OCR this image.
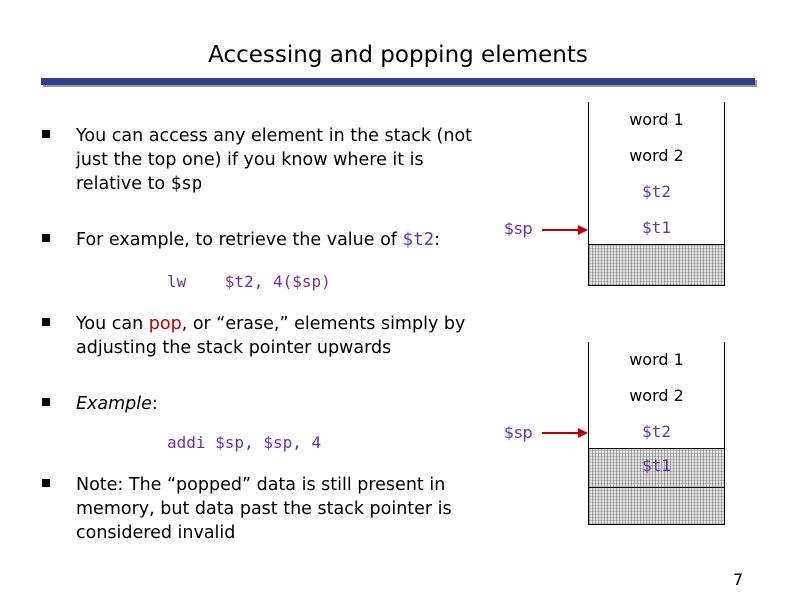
Accessing and popping elements
You can access any element in the stack (not just the top one) if you know where it is relative to $sp
For example, to retrieve the value of $t2:
lw $t2, 4($sp)
You can pop, or “erase,” elements simply by adjusting the stack pointer upwards
Example:
addi $sp, $sp, 4
Note: The “popped” data is still present in memory, but data past the stack pointer is considered invalid
word 1
word 2
$t2
$t1
$sp
word 1
word 2
$t2
$t1
$sp
7
